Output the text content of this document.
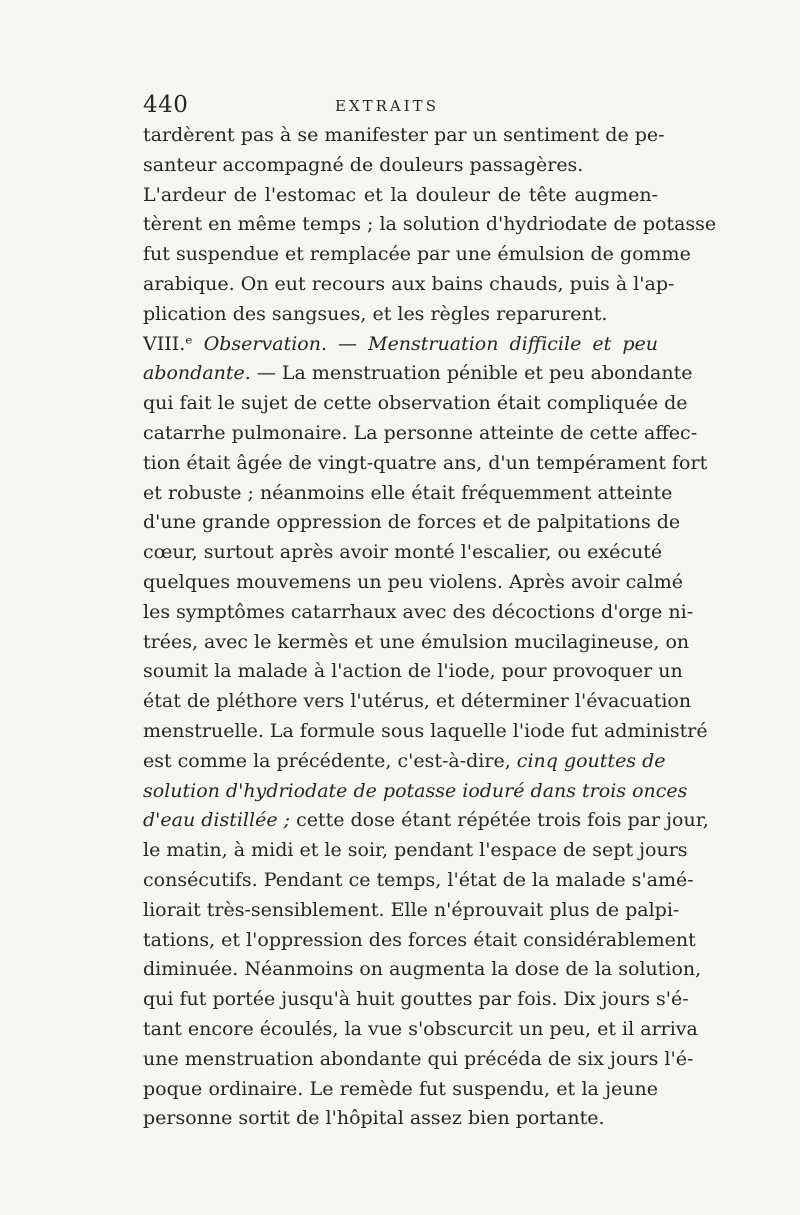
440	EXTRAITS
tardèrent pas à se manifester par un sentiment de pe-
santeur accompagné de douleurs passagères.
L'ardeur de l'estomac et la douleur de tête augmen-
tèrent en même temps ; la solution d'hydriodate de potasse
fut suspendue et remplacée par une émulsion de gomme
arabique. On eut recours aux bains chauds, puis à l'ap-
plication des sangsues, et les règles reparurent.
VIII.ᵉ Observation. — Menstruation difficile et peu
abondante. — La menstruation pénible et peu abondante
qui fait le sujet de cette observation était compliquée de
catarrhe pulmonaire. La personne atteinte de cette affec-
tion était âgée de vingt-quatre ans, d'un tempérament fort
et robuste ; néanmoins elle était fréquemment atteinte
d'une grande oppression de forces et de palpitations de
cœur, surtout après avoir monté l'escalier, ou exécuté
quelques mouvemens un peu violens. Après avoir calmé
les symptômes catarrhaux avec des décoctions d'orge ni-
trées, avec le kermès et une émulsion mucilagineuse, on
soumit la malade à l'action de l'iode, pour provoquer un
état de pléthore vers l'utérus, et déterminer l'évacuation
menstruelle. La formule sous laquelle l'iode fut administré
est comme la précédente, c'est-à-dire, cinq gouttes de
solution d'hydriodate de potasse ioduré dans trois onces
d'eau distillée ; cette dose étant répétée trois fois par jour,
le matin, à midi et le soir, pendant l'espace de sept jours
consécutifs. Pendant ce temps, l'état de la malade s'amé-
liorait très-sensiblement. Elle n'éprouvait plus de palpi-
tations, et l'oppression des forces était considérablement
diminuée. Néanmoins on augmenta la dose de la solution,
qui fut portée jusqu'à huit gouttes par fois. Dix jours s'é-
tant encore écoulés, la vue s'obscurcit un peu, et il arriva
une menstruation abondante qui précéda de six jours l'é-
poque ordinaire. Le remède fut suspendu, et la jeune
personne sortit de l'hôpital assez bien portante.
